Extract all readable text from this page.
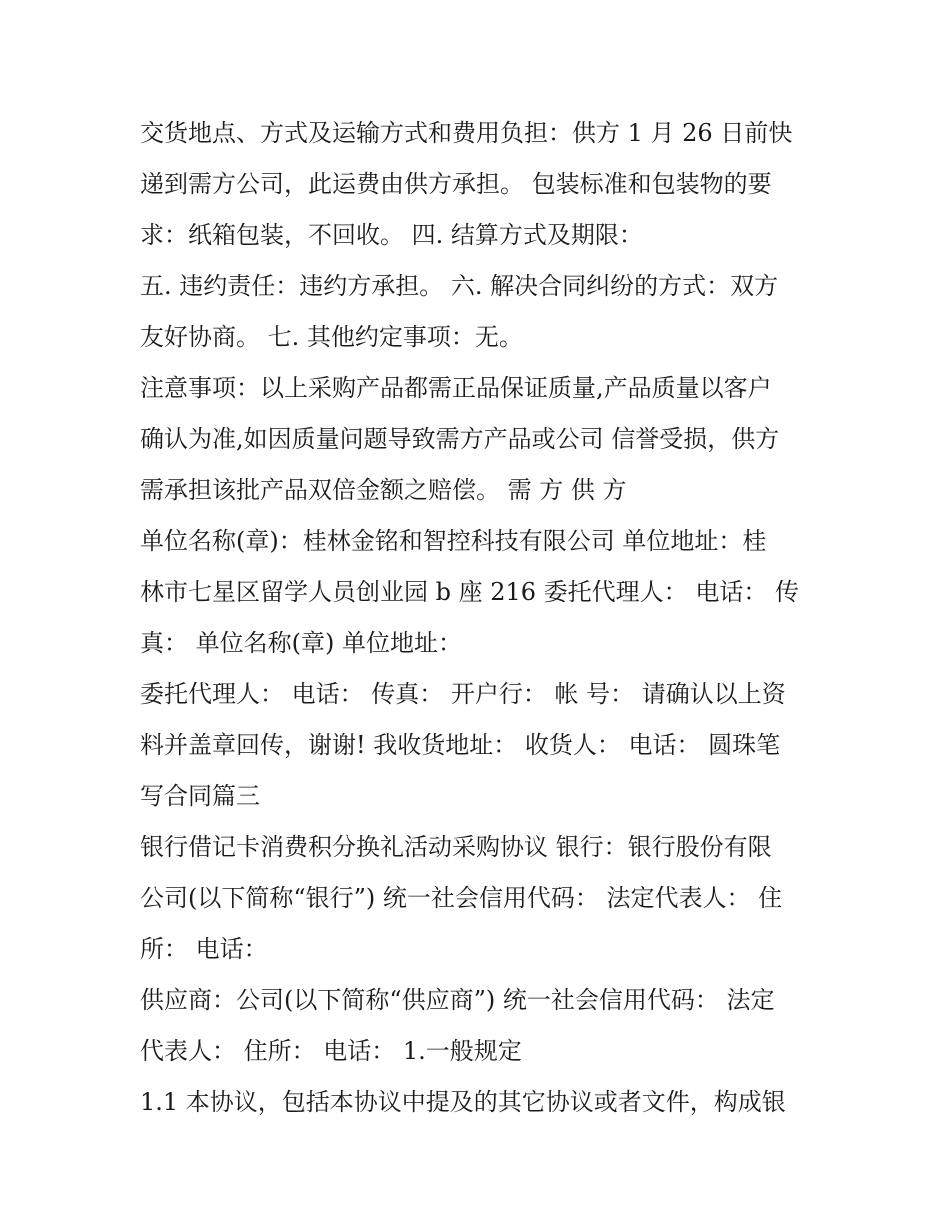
交货地点、方式及运输方式和费用负担：供方 1 月 26 日前快
递到需方公司，此运费由供方承担。 包装标准和包装物的要
求：纸箱包装，不回收。 四. 结算方式及期限：
五. 违约责任：违约方承担。 六. 解决合同纠纷的方式：双方
友好协商。 七. 其他约定事项：无。
注意事项：以上采购产品都需正品保证质量,产品质量以客户
确认为准,如因质量问题导致需方产品或公司 信誉受损，供方
需承担该批产品双倍金额之赔偿。 需 方 供 方
单位名称(章)：桂林金铭和智控科技有限公司 单位地址：桂
林市七星区留学人员创业园 b 座 216 委托代理人： 电话： 传
真： 单位名称(章) 单位地址：
委托代理人： 电话： 传真： 开户行： 帐 号： 请确认以上资
料并盖章回传，谢谢! 我收货地址： 收货人： 电话： 圆珠笔
写合同篇三
银行借记卡消费积分换礼活动采购协议 银行：银行股份有限
公司(以下简称“银行”) 统一社会信用代码： 法定代表人： 住
所： 电话：
供应商：公司(以下简称“供应商”) 统一社会信用代码： 法定
代表人： 住所： 电话： 1.一般规定
1.1 本协议，包括本协议中提及的其它协议或者文件，构成银
